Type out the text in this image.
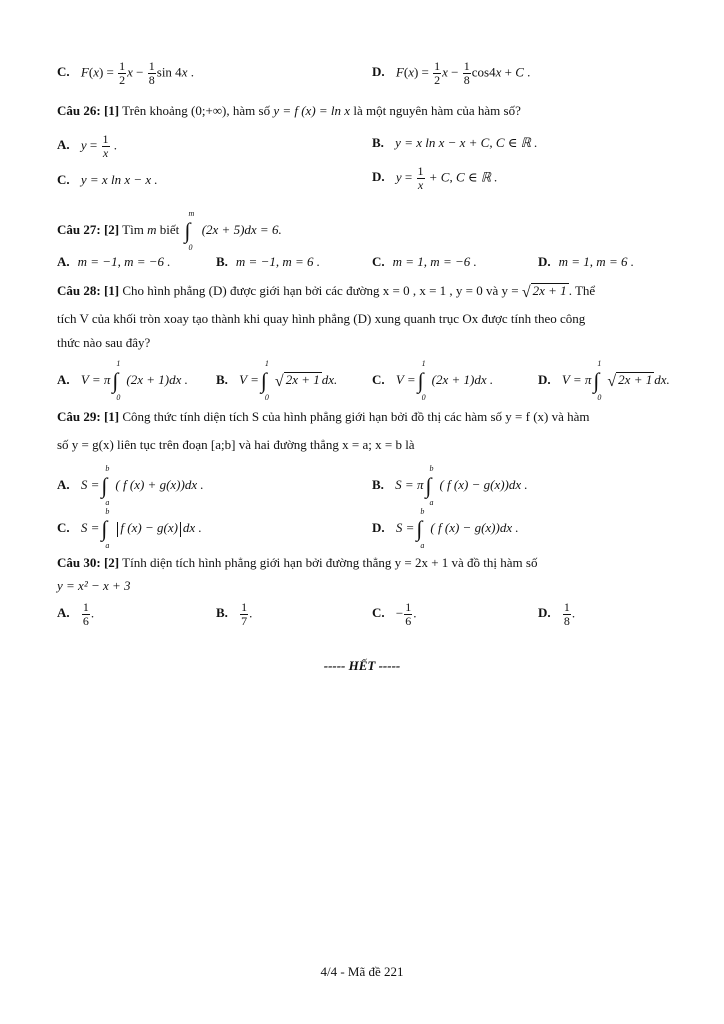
C. $F(x) = \frac{1}{2}$ $x - \frac{1}{8}$ sin 4x .	D. $F(x) = \frac{1}{2}$ $x - \frac{1}{8} \cos 4x + C$ .
Câu 26: [1] Trên khoảng (0;+∞), hàm số y = f (x) = ln x là một nguyên hàm của hàm số?
A. $y = \frac{1}{x}$ .	B. y = x ln x − x + C, C ∈ ℝ .
C. y = x ln x − x .	D. $y = \frac{1}{x} + C$, C ∈ ℝ .
Câu 27: [2] Tìm m biết ∫
m
0
(2x + 5)dx = 6.
A. m = −1, m = −6 .	B. m = −1, m = 6 .	C. m = 1, m = −6 .	D. m = 1, m = 6 .
Câu 28: [1] Cho hình phẳng (D) được giới hạn bởi các đường x = 0 , x = 1 , y = 0 và y = √ 2x + 1 . Thể
tích V của khối tròn xoay tạo thành khi quay hình phẳng (D) xung quanh trục Ox được tính theo công
thức nào sau đây?
A. V = π ∫
1
0
(2x + 1)dx . B. V = ∫
1
0
√ 2x + 1 dx.	C. V = ∫
1
0
(2x + 1)dx .	D. V = π ∫
1
0
√ 2x + 1 dx.
Câu 29: [1] Công thức tính diện tích S của hình phẳng giới hạn bởi đồ thị các hàm số y = f (x) và hàm
số y = g(x) liên tục trên đoạn [a;b] và hai đường thẳng x = a; x = b là
A. S = ∫
b
a
( f (x) + g(x))dx .	B. S = π ∫
b
a
( f (x) − g(x))dx .
C. S = ∫
b
a
f (x) − g(x) dx .	D. S = ∫
b
a
( f (x) − g(x))dx .
Câu 30: [2] Tính diện tích hình phẳng giới hạn bởi đường thẳng y = 2x + 1 và đồ thị hàm số
y = x² − x + 3
A. $\frac{1}{6}$ .	B. $\frac{1}{7}$ .	C. − $\frac{1}{6}$ .	D. $\frac{1}{8}$ .
----- HẾT -----
4/4 - Mã đề 221
